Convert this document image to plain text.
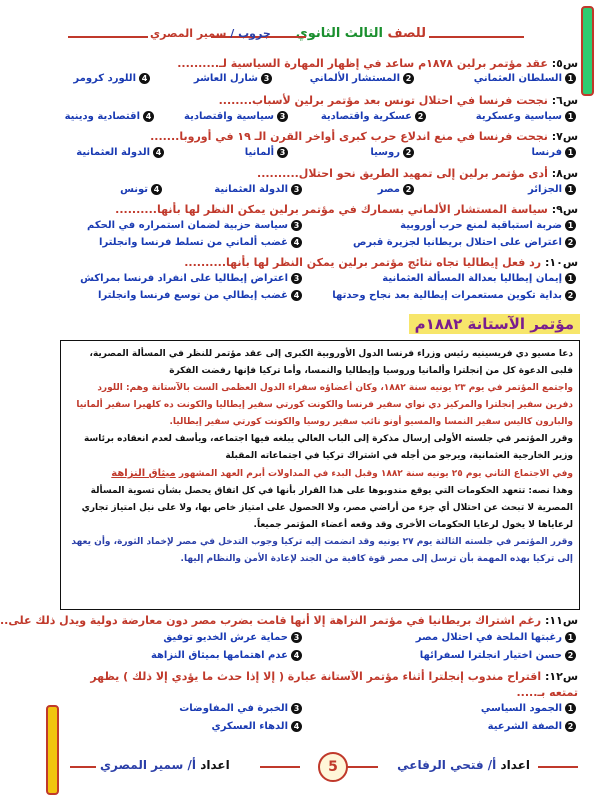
للصف الثالث الثانوي
جروب / سمير المصري
س٥: عقد مؤتمر برلين ١٨٧٨م ساعد في إظهار المهارة السياسية لـ..........
1
السلطان العثماني
2
المستشار الألماني
3
شارل العاشر
4
اللورد كرومر
س٦: نجحت فرنسا في احتلال تونس بعد مؤتمر برلين لأسباب........
1
سياسية وعسكرية
2
عسكرية واقتصادية
3
سياسية واقتصادية
4
اقتصادية ودينية
س٧: نجحت فرنسا في منع اندلاع حرب كبرى أواخر القرن الـ ١٩ في أوروبا.......
1
فرنسا
2
روسيا
3
ألمانيا
4
الدولة العثمانية
س٨: أدى مؤتمر برلين إلى تمهيد الطريق نحو احتلال..........
1
الجزائر
2
مصر
3
الدولة العثمانية
4
تونس
س٩: سياسة المستشار الألماني بسمارك في مؤتمر برلين يمكن النظر لها بأنها..........
1
ضربة استباقية لمنع حرب أوروبية
3
سياسة حزبية لضمان استمراره في الحكم
2
اعتراض على احتلال بريطانيا لجزيرة قبرص
4
غضب ألماني من تسلط فرنسا وانجلترا
س١٠: رد فعل إيطاليا تجاه نتائج مؤتمر برلين يمكن النظر لها بأنها..........
1
إيمان إيطاليا بعدالة المسألة العثمانية
3
اعتراض إيطاليا على انفراد فرنسا بمراكش
2
بداية تكوين مستعمرات إيطالية بعد نجاح وحدتها
4
غضب إيطالي من توسع فرنسا وانجلترا
مؤتمر الآستانة ١٨٨٢م

دعا مسيو دي فريسينيه رئيس وزراء فرنسا الدول الأوروبية الكبرى إلى عقد مؤتمر للنظر في المسألة المصرية، فلبى الدعوة كل من إنجلترا وألمانيا وروسيا وإيطاليا والنمسا، وأما تركيا فإنها رفضت الفكرة

واجتمع المؤتمر في يوم ٢٣ يونيه سنة ١٨٨٢، وكان أعضاؤه سفراء الدول العظمى الست بالآستانة وهم: اللورد دفرين سفير إنجلترا والمركيز دي نواي سفير فرنسا والكونت كورتي سفير إيطاليا والكونت ده كلهيرا سفير ألمانيا والبارون كاليس سفير النمسا والمسيو أونو نائب سفير روسيا والكونت كورتي سفير إيطاليا.

وقرر المؤتمر في جلسته الأولى إرسال مذكرة إلى الباب العالي يبلغه فيها اجتماعه، ويأسف لعدم انعقاده برئاسة وزير الخارجية العثمانية، ويرجو من أجله في اشتراك تركيا في اجتماعاته المقبلة

وفي الاجتماع الثاني يوم ٢٥ يونيه سنة ١٨٨٢ وقبل البدء في المداولات أبرم العهد المشهور ميثاق النزاهة

وهذا نصه: تتعهد الحكومات التي يوقع مندوبوها على هذا القرار بأنها في كل اتفاق يحصل بشأن تسوية المسألة المصرية لا تبحث عن احتلال أي جزء من أراضي مصر، ولا الحصول على امتياز خاص بها، ولا على نيل امتياز تجاري لرعاياها لا يخول لرعايا الحكومات الأخرى وقد وقعه أعضاء المؤتمر جميعاً.

وقرر المؤتمر في جلسته الثالثة يوم ٢٧ يونيه وقد انضمت إليه تركيا وجوب التدخل في مصر لإخماد الثورة، وأن يعهد إلى تركيا بهذه المهمة بأن ترسل إلى مصر قوة كافية من الجند لإعادة الأمن والنظام إليها.

س١١: رغم اشتراك بريطانيا في مؤتمر النزاهة إلا أنها قامت بضرب مصر دون معارضة دولية ويدل ذلك على..
1
رغبتها الملحة في احتلال مصر
3
حماية عرش الخديو توفيق
2
حسن اختيار انجلترا لسفرائها
4
عدم اهتمامها بميثاق النزاهة
س١٢: اقتراح مندوب إنجلترا أثناء مؤتمر الآستانة عبارة ( إلا إذا حدث ما يؤدي إلا ذلك ) يظهر تمتعه بـ.....
1
الجمود السياسي
3
الخبرة في المفاوضات
2
الصفة الشرعية
4
الدهاء العسكري
اعداد أ/ فتحي الرفاعي
5
اعداد أ/ سمير المصري
